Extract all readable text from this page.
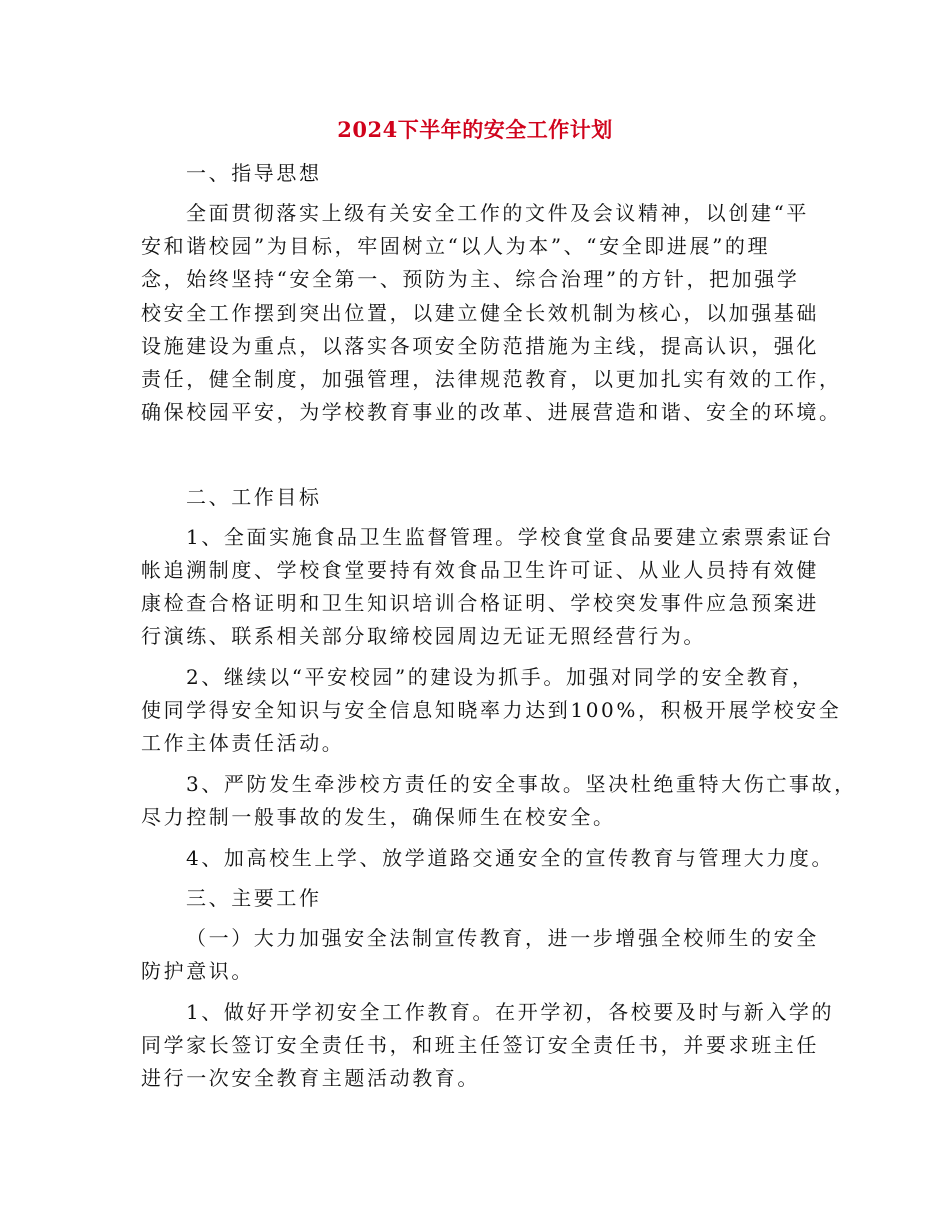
2024下半年的安全工作计划
一、指导思想
全面贯彻落实上级有关安全工作的文件及会议精神，以创建“平
安和谐校园”为目标，牢固树立“以人为本”、“安全即进展”的理
念，始终坚持“安全第一、预防为主、综合治理”的方针，把加强学
校安全工作摆到突出位置，以建立健全长效机制为核心，以加强基础
设施建设为重点，以落实各项安全防范措施为主线，提高认识，强化
责任，健全制度，加强管理，法律规范教育，以更加扎实有效的工作，
确保校园平安，为学校教育事业的改革、进展营造和谐、安全的环境。
二、工作目标
1、全面实施食品卫生监督管理。学校食堂食品要建立索票索证台
帐追溯制度、学校食堂要持有效食品卫生许可证、从业人员持有效健
康检查合格证明和卫生知识培训合格证明、学校突发事件应急预案进
行演练、联系相关部分取缔校园周边无证无照经营行为。
2、继续以“平安校园”的建设为抓手。加强对同学的安全教育，
使同学得安全知识与安全信息知晓率力达到100%，积极开展学校安全
工作主体责任活动。
3、严防发生牵涉校方责任的安全事故。坚决杜绝重特大伤亡事故，
尽力控制一般事故的发生，确保师生在校安全。
4、加高校生上学、放学道路交通安全的宣传教育与管理大力度。
三、主要工作
（一）大力加强安全法制宣传教育，进一步增强全校师生的安全
防护意识。
1、做好开学初安全工作教育。在开学初，各校要及时与新入学的
同学家长签订安全责任书，和班主任签订安全责任书，并要求班主任
进行一次安全教育主题活动教育。
